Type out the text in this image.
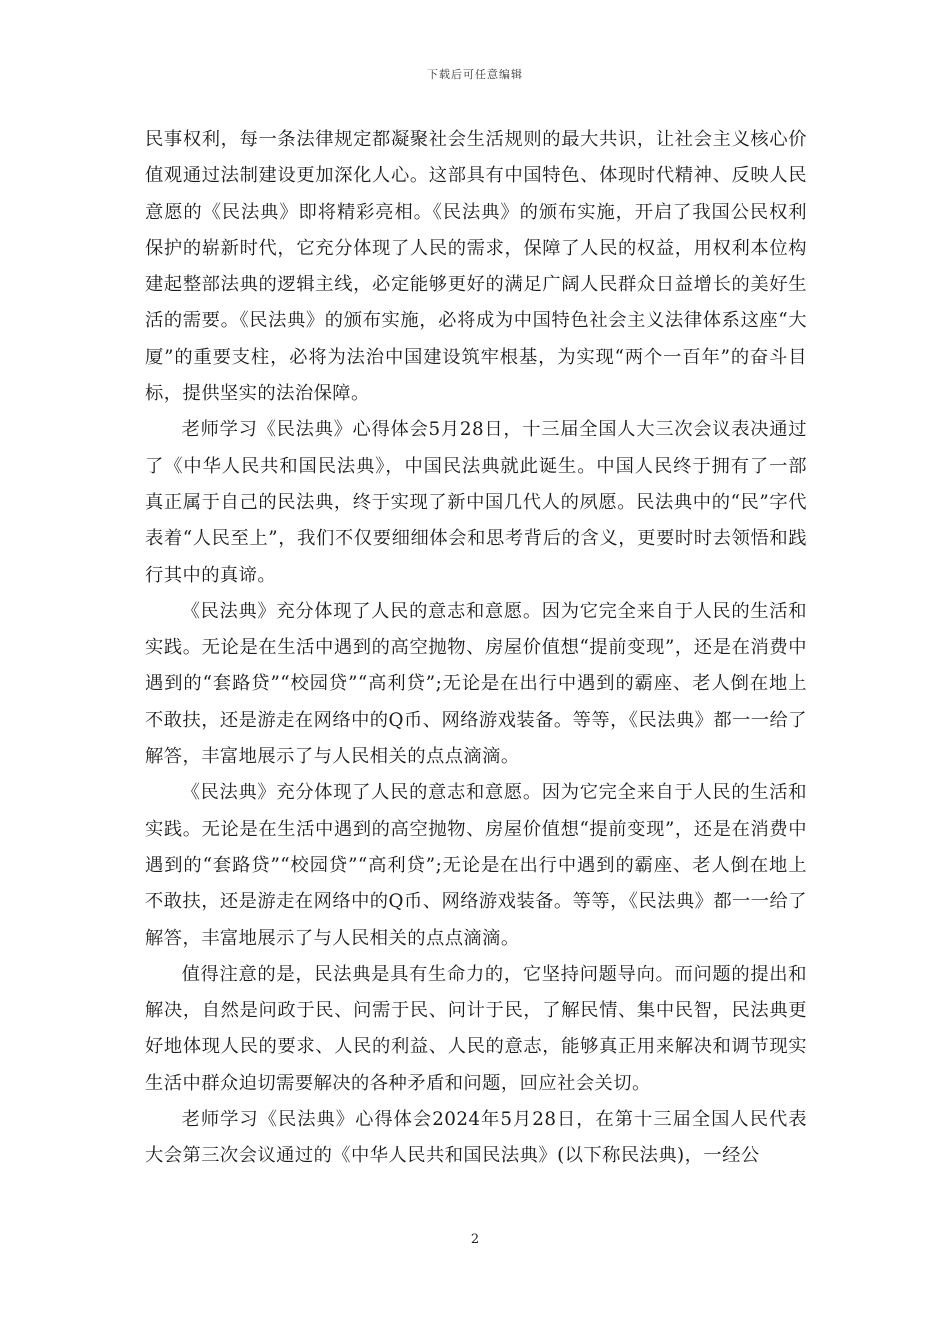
下载后可任意编辑

民事权利，每一条法律规定都凝聚社会生活规则的最大共识，让社会主义核心价值观通过法制建设更加深化人心。这部具有中国特色、体现时代精神、反映人民意愿的《民法典》即将精彩亮相。《民法典》的颁布实施，开启了我国公民权利保护的崭新时代，它充分体现了人民的需求，保障了人民的权益，用权利本位构建起整部法典的逻辑主线，必定能够更好的满足广阔人民群众日益增长的美好生活的需要。《民法典》的颁布实施，必将成为中国特色社会主义法律体系这座“大厦”的重要支柱，必将为法治中国建设筑牢根基，为实现“两个一百年”的奋斗目标，提供坚实的法治保障。

老师学习《民法典》心得体会5月28日，十三届全国人大三次会议表决通过了《中华人民共和国民法典》，中国民法典就此诞生。中国人民终于拥有了一部真正属于自己的民法典，终于实现了新中国几代人的夙愿。民法典中的“民”字代表着“人民至上”，我们不仅要细细体会和思考背后的含义，更要时时去领悟和践行其中的真谛。

《民法典》充分体现了人民的意志和意愿。因为它完全来自于人民的生活和实践。无论是在生活中遇到的高空抛物、房屋价值想“提前变现”，还是在消费中遇到的“套路贷”“校园贷”“高利贷”;无论是在出行中遇到的霸座、老人倒在地上不敢扶，还是游走在网络中的Q币、网络游戏装备。等等，《民法典》都一一给了解答，丰富地展示了与人民相关的点点滴滴。

《民法典》充分体现了人民的意志和意愿。因为它完全来自于人民的生活和实践。无论是在生活中遇到的高空抛物、房屋价值想“提前变现”，还是在消费中遇到的“套路贷”“校园贷”“高利贷”;无论是在出行中遇到的霸座、老人倒在地上不敢扶，还是游走在网络中的Q币、网络游戏装备。等等，《民法典》都一一给了解答，丰富地展示了与人民相关的点点滴滴。

值得注意的是，民法典是具有生命力的，它坚持问题导向。而问题的提出和解决，自然是问政于民、问需于民、问计于民，了解民情、集中民智，民法典更好地体现人民的要求、人民的利益、人民的意志，能够真正用来解决和调节现实生活中群众迫切需要解决的各种矛盾和问题，回应社会关切。

老师学习《民法典》心得体会2024年5月28日，在第十三届全国人民代表大会第三次会议通过的《中华人民共和国民法典》(以下称民法典)，一经公

2
